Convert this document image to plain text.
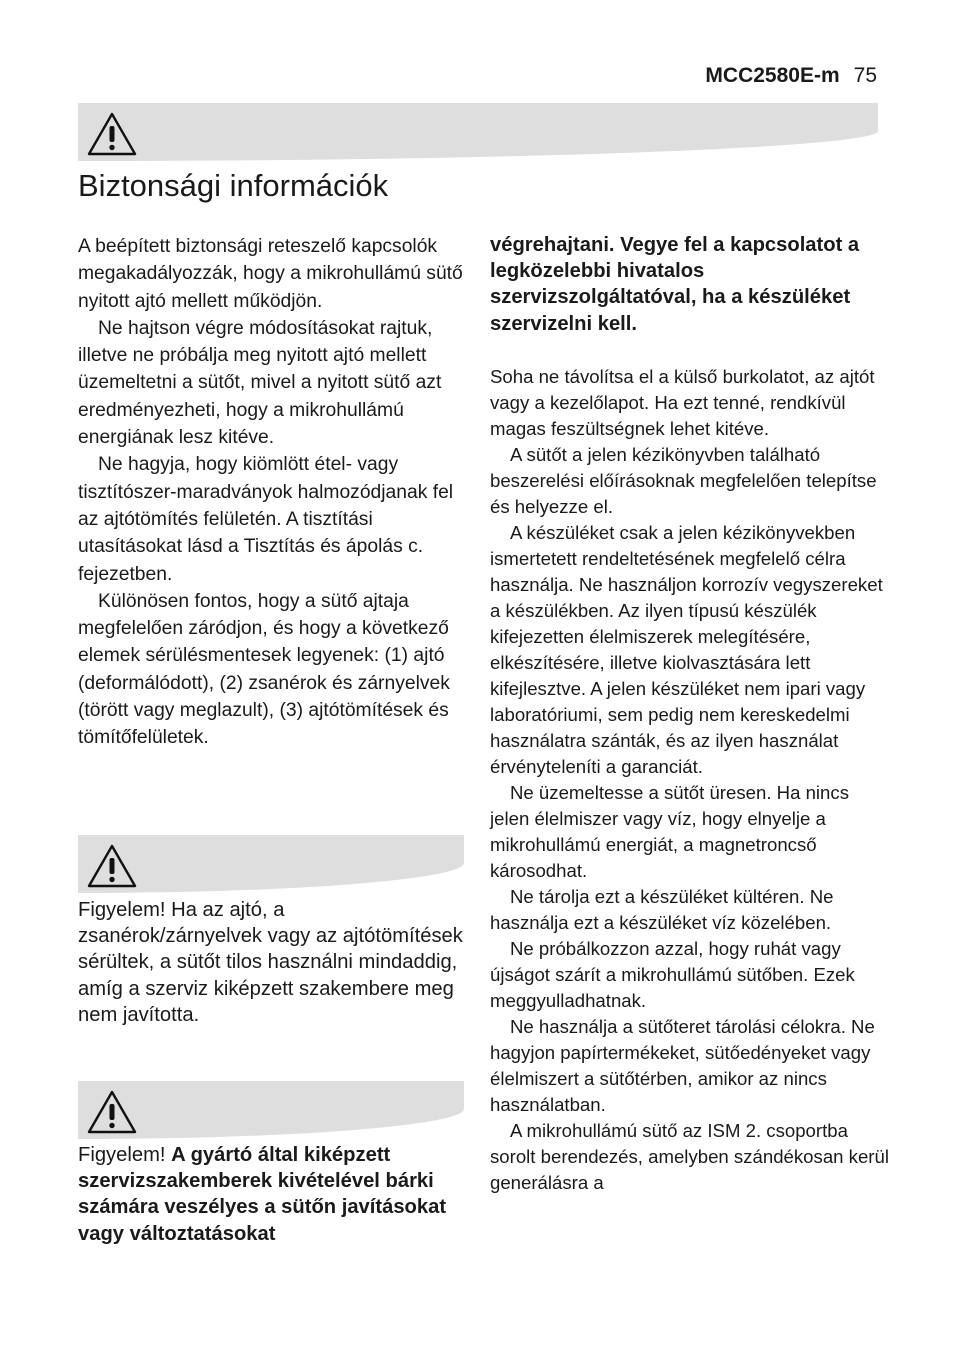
MCC2580E-m 75
Biztonsági információk

A beépített biztonsági reteszelő kapcsolók megakadályozzák, hogy a mikrohullámú sütő nyitott ajtó mellett működjön.

Ne hajtson végre módosításokat rajtuk, illetve ne próbálja meg nyitott ajtó mellett üzemeltetni a sütőt, mivel a nyitott sütő azt eredményezheti, hogy a mikrohullámú energiának lesz kitéve.

Ne hagyja, hogy kiömlött étel- vagy tisztítószer-maradványok halmozódjanak fel az ajtótömítés felületén. A tisztítási utasításokat lásd a Tisztítás és ápolás c. fejezetben.

Különösen fontos, hogy a sütő ajtaja megfelelően záródjon, és hogy a következő elemek sérülésmentesek legyenek: (1) ajtó (deformálódott), (2) zsanérok és zárnyelvek (törött vagy meglazult), (3) ajtótömítések és tömítőfelületek.

Figyelem! Ha az ajtó, a zsanérok/zárnyelvek vagy az ajtótömítések sérültek, a sütőt tilos használni mindaddig, amíg a szerviz kiképzett szakembere meg nem javította.
Figyelem! A gyártó által kiképzett szervizszakemberek kivételével bárki számára veszélyes a sütőn javításokat vagy változtatásokat

végrehajtani. Vegye fel a kapcsolatot a legközelebbi hivatalos szervizszolgáltatóval, ha a készüléket szervizelni kell.

Soha ne távolítsa el a külső burkolatot, az ajtót vagy a kezelőlapot. Ha ezt tenné, rendkívül magas feszültségnek lehet kitéve.

A sütőt a jelen kézikönyvben található beszerelési előírásoknak megfelelően telepítse és helyezze el.

A készüléket csak a jelen kézikönyvekben ismertetett rendeltetésének megfelelő célra használja. Ne használjon korrozív vegyszereket a készülékben. Az ilyen típusú készülék kifejezetten élelmiszerek melegítésére, elkészítésére, illetve kiolvasztására lett kifejlesztve. A jelen készüléket nem ipari vagy laboratóriumi, sem pedig nem kereskedelmi használatra szánták, és az ilyen használat érvényteleníti a garanciát.

Ne üzemeltesse a sütőt üresen. Ha nincs jelen élelmiszer vagy víz, hogy elnyelje a mikrohullámú energiát, a magnetroncső károsodhat.

Ne tárolja ezt a készüléket kültéren. Ne használja ezt a készüléket víz közelében.

Ne próbálkozzon azzal, hogy ruhát vagy újságot szárít a mikrohullámú sütőben. Ezek meggyulladhatnak.

Ne használja a sütőteret tárolási célokra. Ne hagyjon papírtermékeket, sütőedényeket vagy élelmiszert a sütőtérben, amikor az nincs használatban.

A mikrohullámú sütő az ISM 2. csoportba sorolt berendezés, amelyben szándékosan kerül generálásra a
